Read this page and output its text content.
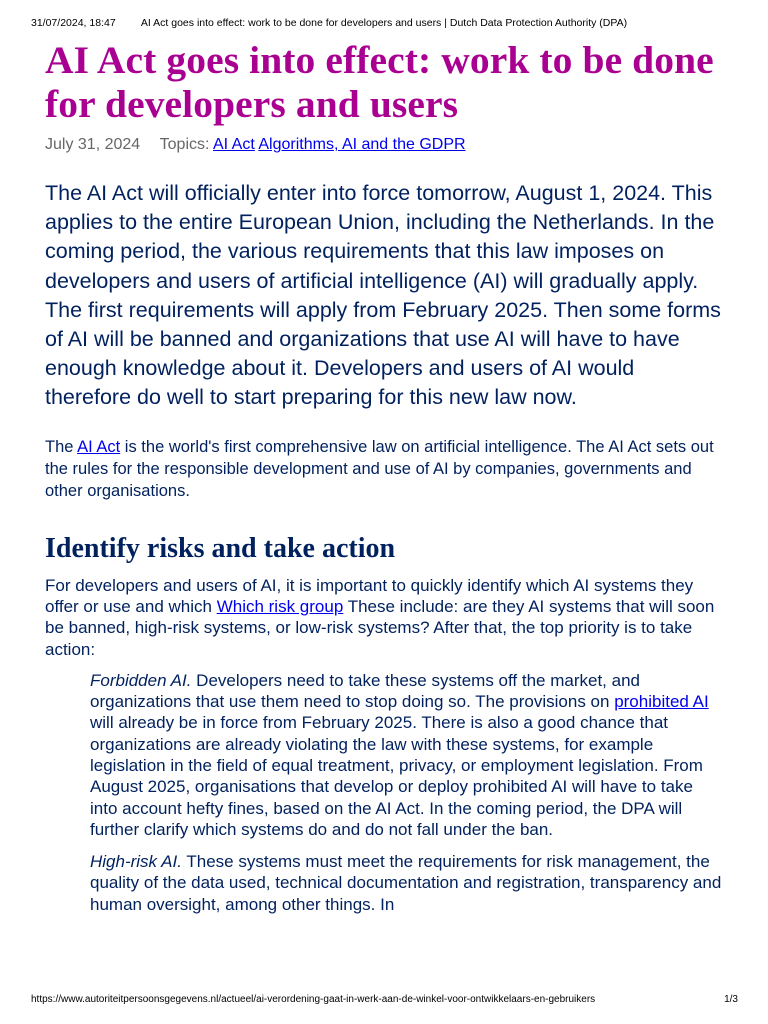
31/07/2024, 18:47	AI Act goes into effect: work to be done for developers and users | Dutch Data Protection Authority (DPA)
AI Act goes into effect: work to be done for developers and users
July 31, 2024 Topics: AI Act Algorithms, AI and the GDPR

The AI Act will officially enter into force tomorrow, August 1, 2024. This applies to the entire European Union, including the Netherlands. In the coming period, the various requirements that this law imposes on developers and users of artificial intelligence (AI) will gradually apply. The first requirements will apply from February 2025. Then some forms of AI will be banned and organizations that use AI will have to have enough knowledge about it. Developers and users of AI would therefore do well to start preparing for this new law now.

The AI Act is the world's first comprehensive law on artificial intelligence. The AI Act sets out the rules for the responsible development and use of AI by companies, governments and other organisations.

Identify risks and take action

For developers and users of AI, it is important to quickly identify which AI systems they offer or use and which Which risk group These include: are they AI systems that will soon be banned, high-risk systems, or low-risk systems? After that, the top priority is to take action:

Forbidden AI. Developers need to take these systems off the market, and organizations that use them need to stop doing so. The provisions on prohibited AI will already be in force from February 2025. There is also a good chance that organizations are already violating the law with these systems, for example legislation in the field of equal treatment, privacy, or employment legislation. From August 2025, organisations that develop or deploy prohibited AI will have to take into account hefty fines, based on the AI Act. In the coming period, the DPA will further clarify which systems do and do not fall under the ban.

High-risk AI. These systems must meet the requirements for risk management, the quality of the data used, technical documentation and registration, transparency and human oversight, among other things. In

https://www.autoriteitpersoonsgegevens.nl/actueel/ai-verordening-gaat-in-werk-aan-de-winkel-voor-ontwikkelaars-en-gebruikers	1/3
